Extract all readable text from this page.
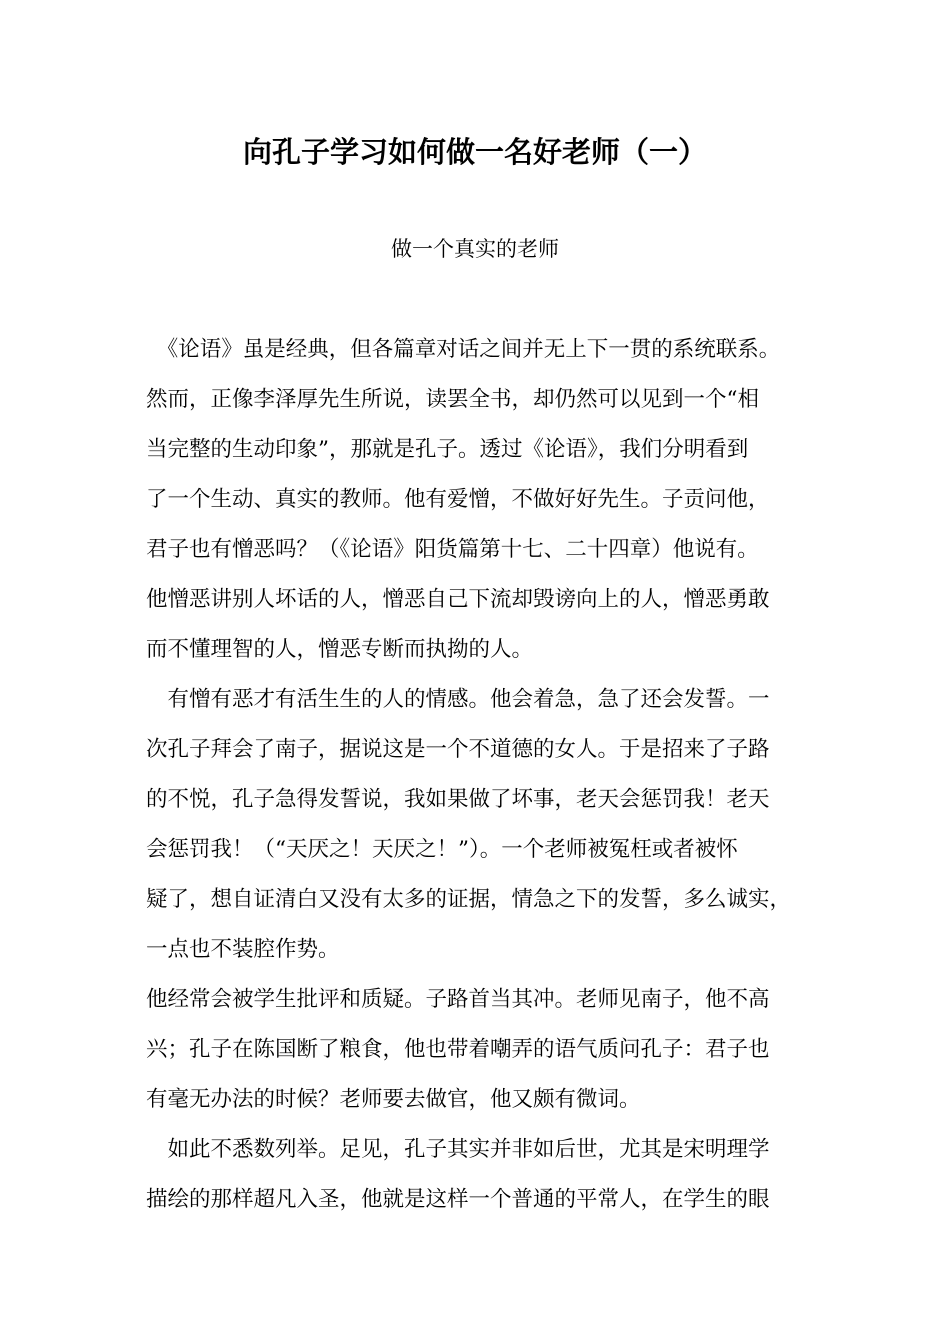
向孔子学习如何做一名好老师（一）
做一个真实的老师
　《论语》虽是经典，但各篇章对话之间并无上下一贯的系统联系。
然而，正像李泽厚先生所说，读罢全书，却仍然可以见到一个“相
当完整的生动印象”，那就是孔子。透过《论语》，我们分明看到
了一个生动、真实的教师。他有爱憎，不做好好先生。子贡问他，
君子也有憎恶吗？（《论语》阳货篇第十七、二十四章）他说有。
他憎恶讲别人坏话的人，憎恶自己下流却毁谤向上的人，憎恶勇敢
而不懂理智的人，憎恶专断而执拗的人。
　有憎有恶才有活生生的人的情感。他会着急，急了还会发誓。一
次孔子拜会了南子，据说这是一个不道德的女人。于是招来了子路
的不悦，孔子急得发誓说，我如果做了坏事，老天会惩罚我！老天
会惩罚我！（“天厌之！天厌之！”）。一个老师被冤枉或者被怀
疑了，想自证清白又没有太多的证据，情急之下的发誓，多么诚实，
一点也不装腔作势。
他经常会被学生批评和质疑。子路首当其冲。老师见南子，他不高
兴；孔子在陈国断了粮食，他也带着嘲弄的语气质问孔子：君子也
有毫无办法的时候？老师要去做官，他又颇有微词。
　如此不悉数列举。足见，孔子其实并非如后世，尤其是宋明理学
描绘的那样超凡入圣，他就是这样一个普通的平常人，在学生的眼
